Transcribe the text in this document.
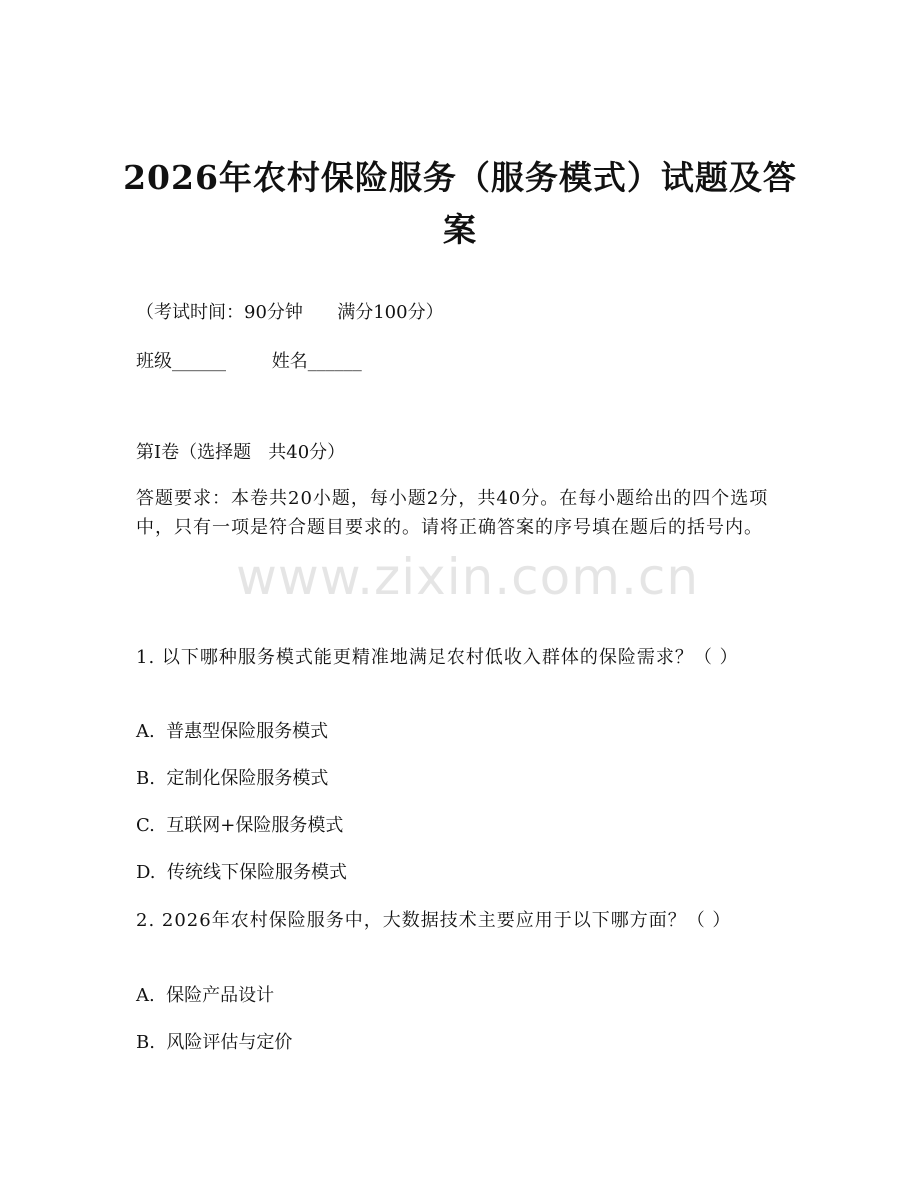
2026年农村保险服务（服务模式）试题及答案
（考试时间：90分钟      满分100分）
班级______        姓名______
第I卷（选择题   共40分）
答题要求：本卷共20小题，每小题2分，共40分。在每小题给出的四个选项中，只有一项是符合题目要求的。请将正确答案的序号填在题后的括号内。
www.zixin.com.cn
1. 以下哪种服务模式能更精准地满足农村低收入群体的保险需求？（ ）
A.  普惠型保险服务模式
B.  定制化保险服务模式
C.  互联网+保险服务模式
D.  传统线下保险服务模式
2. 2026年农村保险服务中，大数据技术主要应用于以下哪方面？（ ）
A.  保险产品设计
B.  风险评估与定价
